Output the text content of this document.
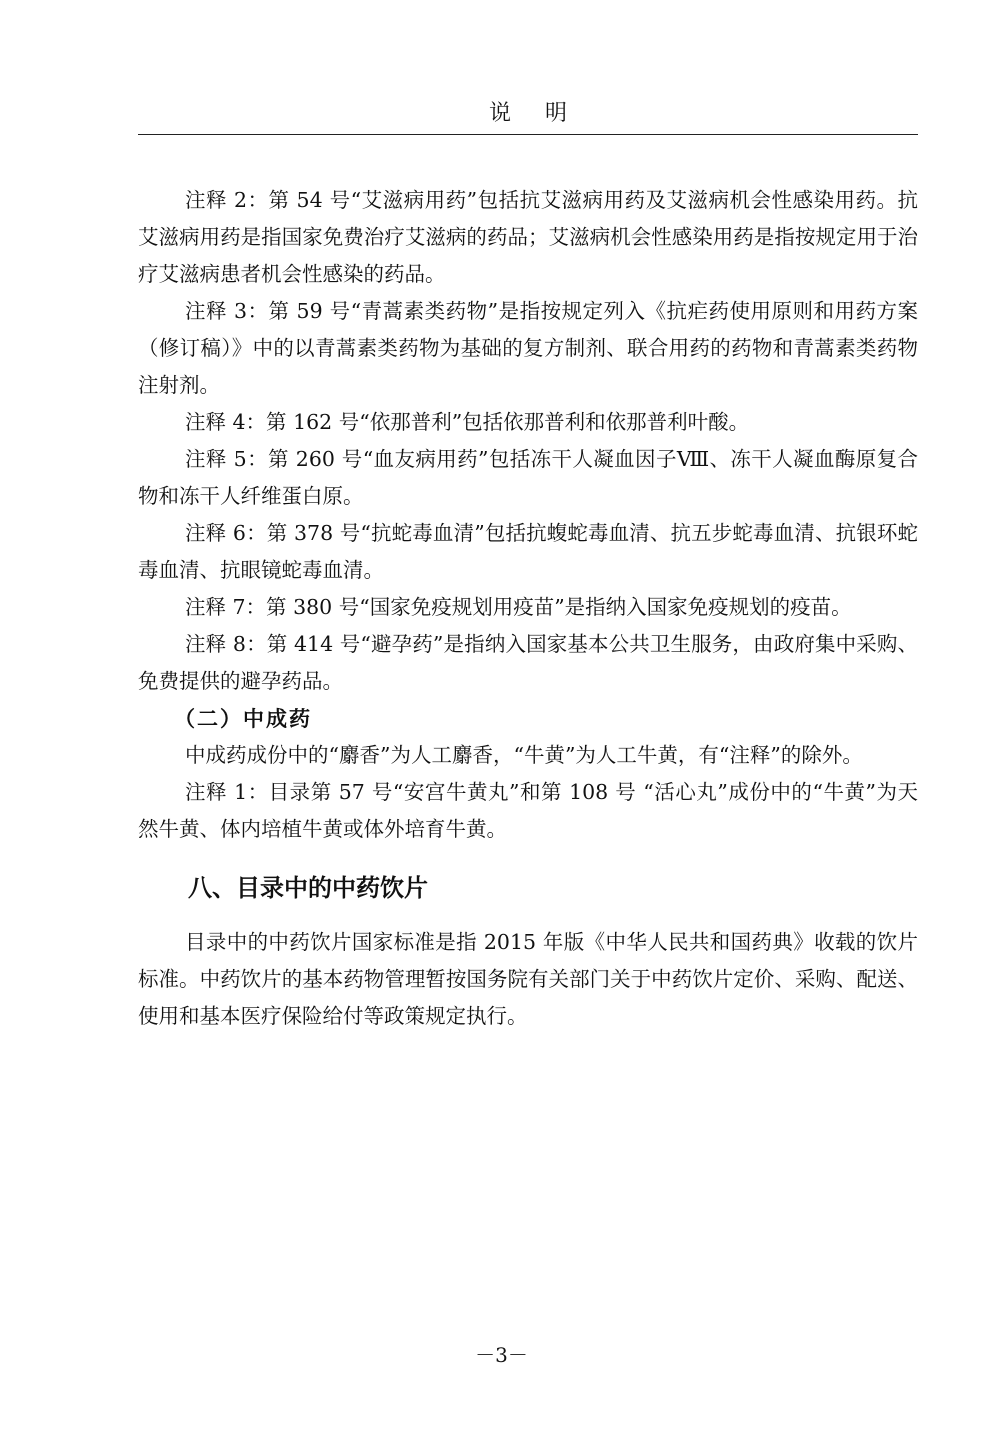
说明

注释 2：第 54 号“艾滋病用药”包括抗艾滋病用药及艾滋病机会性感染用药。抗艾滋病用药是指国家免费治疗艾滋病的药品；艾滋病机会性感染用药是指按规定用于治疗艾滋病患者机会性感染的药品。

注释 3：第 59 号“青蒿素类药物”是指按规定列入《抗疟药使用原则和用药方案（修订稿）》中的以青蒿素类药物为基础的复方制剂、联合用药的药物和青蒿素类药物注射剂。

注释 4：第 162 号“依那普利”包括依那普利和依那普利叶酸。

注释 5：第 260 号“血友病用药”包括冻干人凝血因子Ⅷ、冻干人凝血酶原复合物和冻干人纤维蛋白原。

注释 6：第 378 号“抗蛇毒血清”包括抗蝮蛇毒血清、抗五步蛇毒血清、抗银环蛇毒血清、抗眼镜蛇毒血清。

注释 7：第 380 号“国家免疫规划用疫苗”是指纳入国家免疫规划的疫苗。

注释 8：第 414 号“避孕药”是指纳入国家基本公共卫生服务，由政府集中采购、免费提供的避孕药品。

（二）中成药

中成药成份中的“麝香”为人工麝香，“牛黄”为人工牛黄，有“注释”的除外。

注释 1：目录第 57 号“安宫牛黄丸”和第 108 号 “活心丸”成份中的“牛黄”为天然牛黄、体内培植牛黄或体外培育牛黄。

八、目录中的中药饮片

目录中的中药饮片国家标准是指 2015 年版《中华人民共和国药典》收载的饮片标准。中药饮片的基本药物管理暂按国务院有关部门关于中药饮片定价、采购、配送、使用和基本医疗保险给付等政策规定执行。

－3－
